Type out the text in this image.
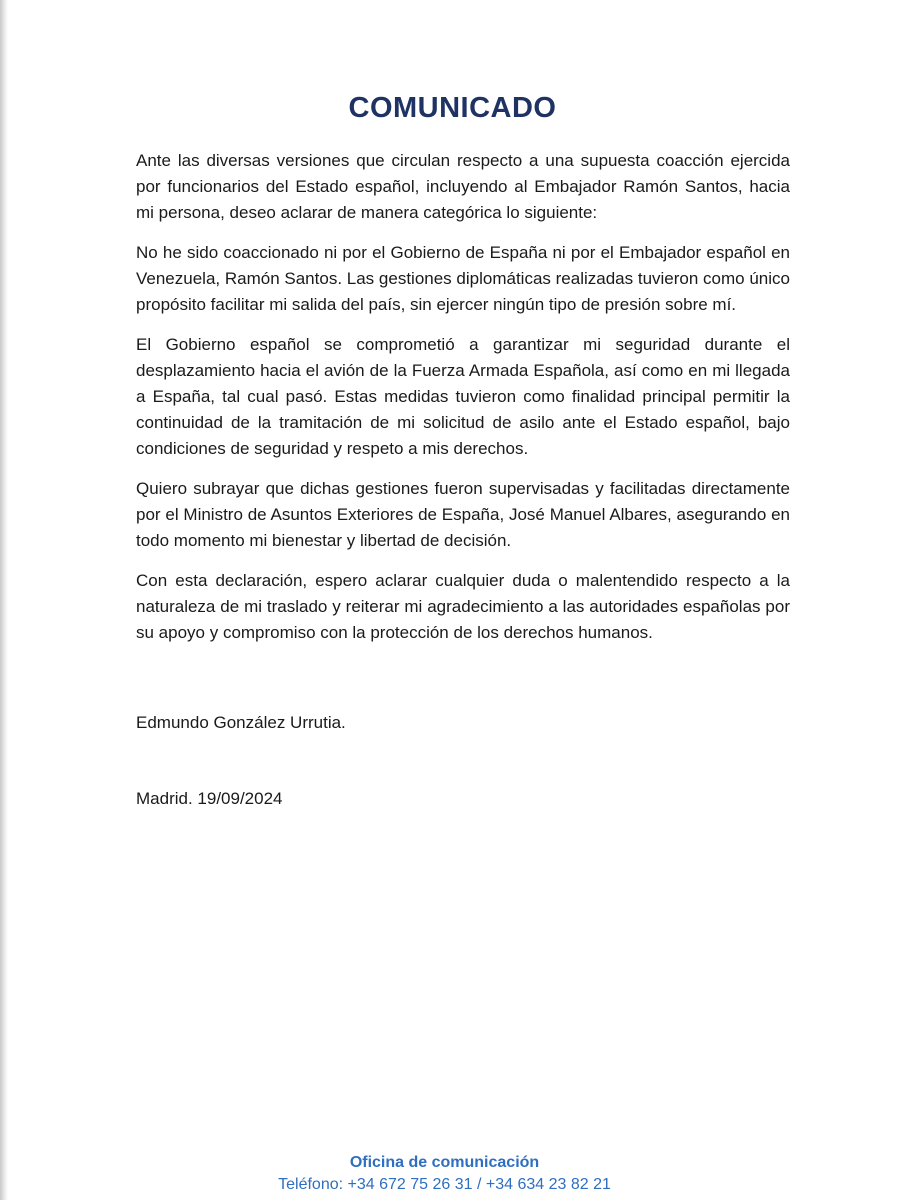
COMUNICADO

Ante las diversas versiones que circulan respecto a una supuesta coacción ejercida por funcionarios del Estado español, incluyendo al Embajador Ramón Santos, hacia mi persona, deseo aclarar de manera categórica lo siguiente:

No he sido coaccionado ni por el Gobierno de España ni por el Embajador español en Venezuela, Ramón Santos. Las gestiones diplomáticas realizadas tuvieron como único propósito facilitar mi salida del país, sin ejercer ningún tipo de presión sobre mí.

El Gobierno español se comprometió a garantizar mi seguridad durante el desplazamiento hacia el avión de la Fuerza Armada Española, así como en mi llegada a España, tal cual pasó. Estas medidas tuvieron como finalidad principal permitir la continuidad de la tramitación de mi solicitud de asilo ante el Estado español, bajo condiciones de seguridad y respeto a mis derechos.

Quiero subrayar que dichas gestiones fueron supervisadas y facilitadas directamente por el Ministro de Asuntos Exteriores de España, José Manuel Albares, asegurando en todo momento mi bienestar y libertad de decisión.

Con esta declaración, espero aclarar cualquier duda o malentendido respecto a la naturaleza de mi traslado y reiterar mi agradecimiento a las autoridades españolas por su apoyo y compromiso con la protección de los derechos humanos.

Edmundo González Urrutia.
Madrid. 19/09/2024
Oficina de comunicación
Teléfono: +34 672 75 26 31 / +34 634 23 82 21
